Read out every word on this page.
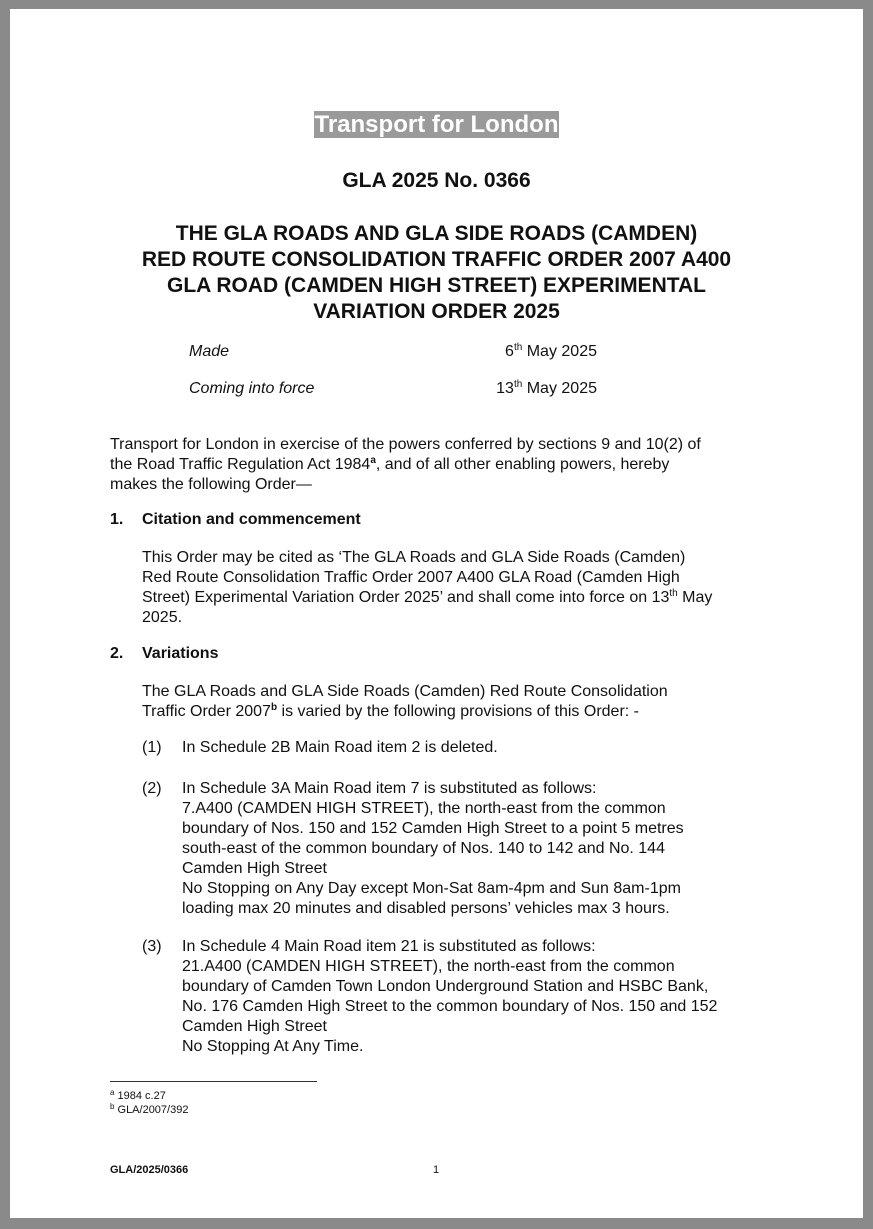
Transport for London
GLA 2025 No. 0366
THE GLA ROADS AND GLA SIDE ROADS (CAMDEN)
RED ROUTE CONSOLIDATION TRAFFIC ORDER 2007 A400
GLA ROAD (CAMDEN HIGH STREET) EXPERIMENTAL
VARIATION ORDER 2025
Made	6th May 2025
Coming into force	13th May 2025
Transport for London in exercise of the powers conferred by sections 9 and 10(2) of
the Road Traffic Regulation Act 1984$^a$, and of all other enabling powers, hereby
makes the following Order—
1. Citation and commencement
This Order may be cited as ‘The GLA Roads and GLA Side Roads (Camden)
Red Route Consolidation Traffic Order 2007 A400 GLA Road (Camden High
Street) Experimental Variation Order 2025’ and shall come into force on 13th May
2025.
2. Variations
The GLA Roads and GLA Side Roads (Camden) Red Route Consolidation
Traffic Order 2007$^b$ is varied by the following provisions of this Order: -
(1) In Schedule 2B Main Road item 2 is deleted.
(2) In Schedule 3A Main Road item 7 is substituted as follows:
7.A400 (CAMDEN HIGH STREET), the north-east from the common
boundary of Nos. 150 and 152 Camden High Street to a point 5 metres
south-east of the common boundary of Nos. 140 to 142 and No. 144
Camden High Street
No Stopping on Any Day except Mon-Sat 8am-4pm and Sun 8am-1pm
loading max 20 minutes and disabled persons’ vehicles max 3 hours.
(3) In Schedule 4 Main Road item 21 is substituted as follows:
21.A400 (CAMDEN HIGH STREET), the north-east from the common
boundary of Camden Town London Underground Station and HSBC Bank,
No. 176 Camden High Street to the common boundary of Nos. 150 and 152
Camden High Street
No Stopping At Any Time.
$^a$ 1984 c.27
$^b$ GLA/2007/392
GLA/2025/0366	1
